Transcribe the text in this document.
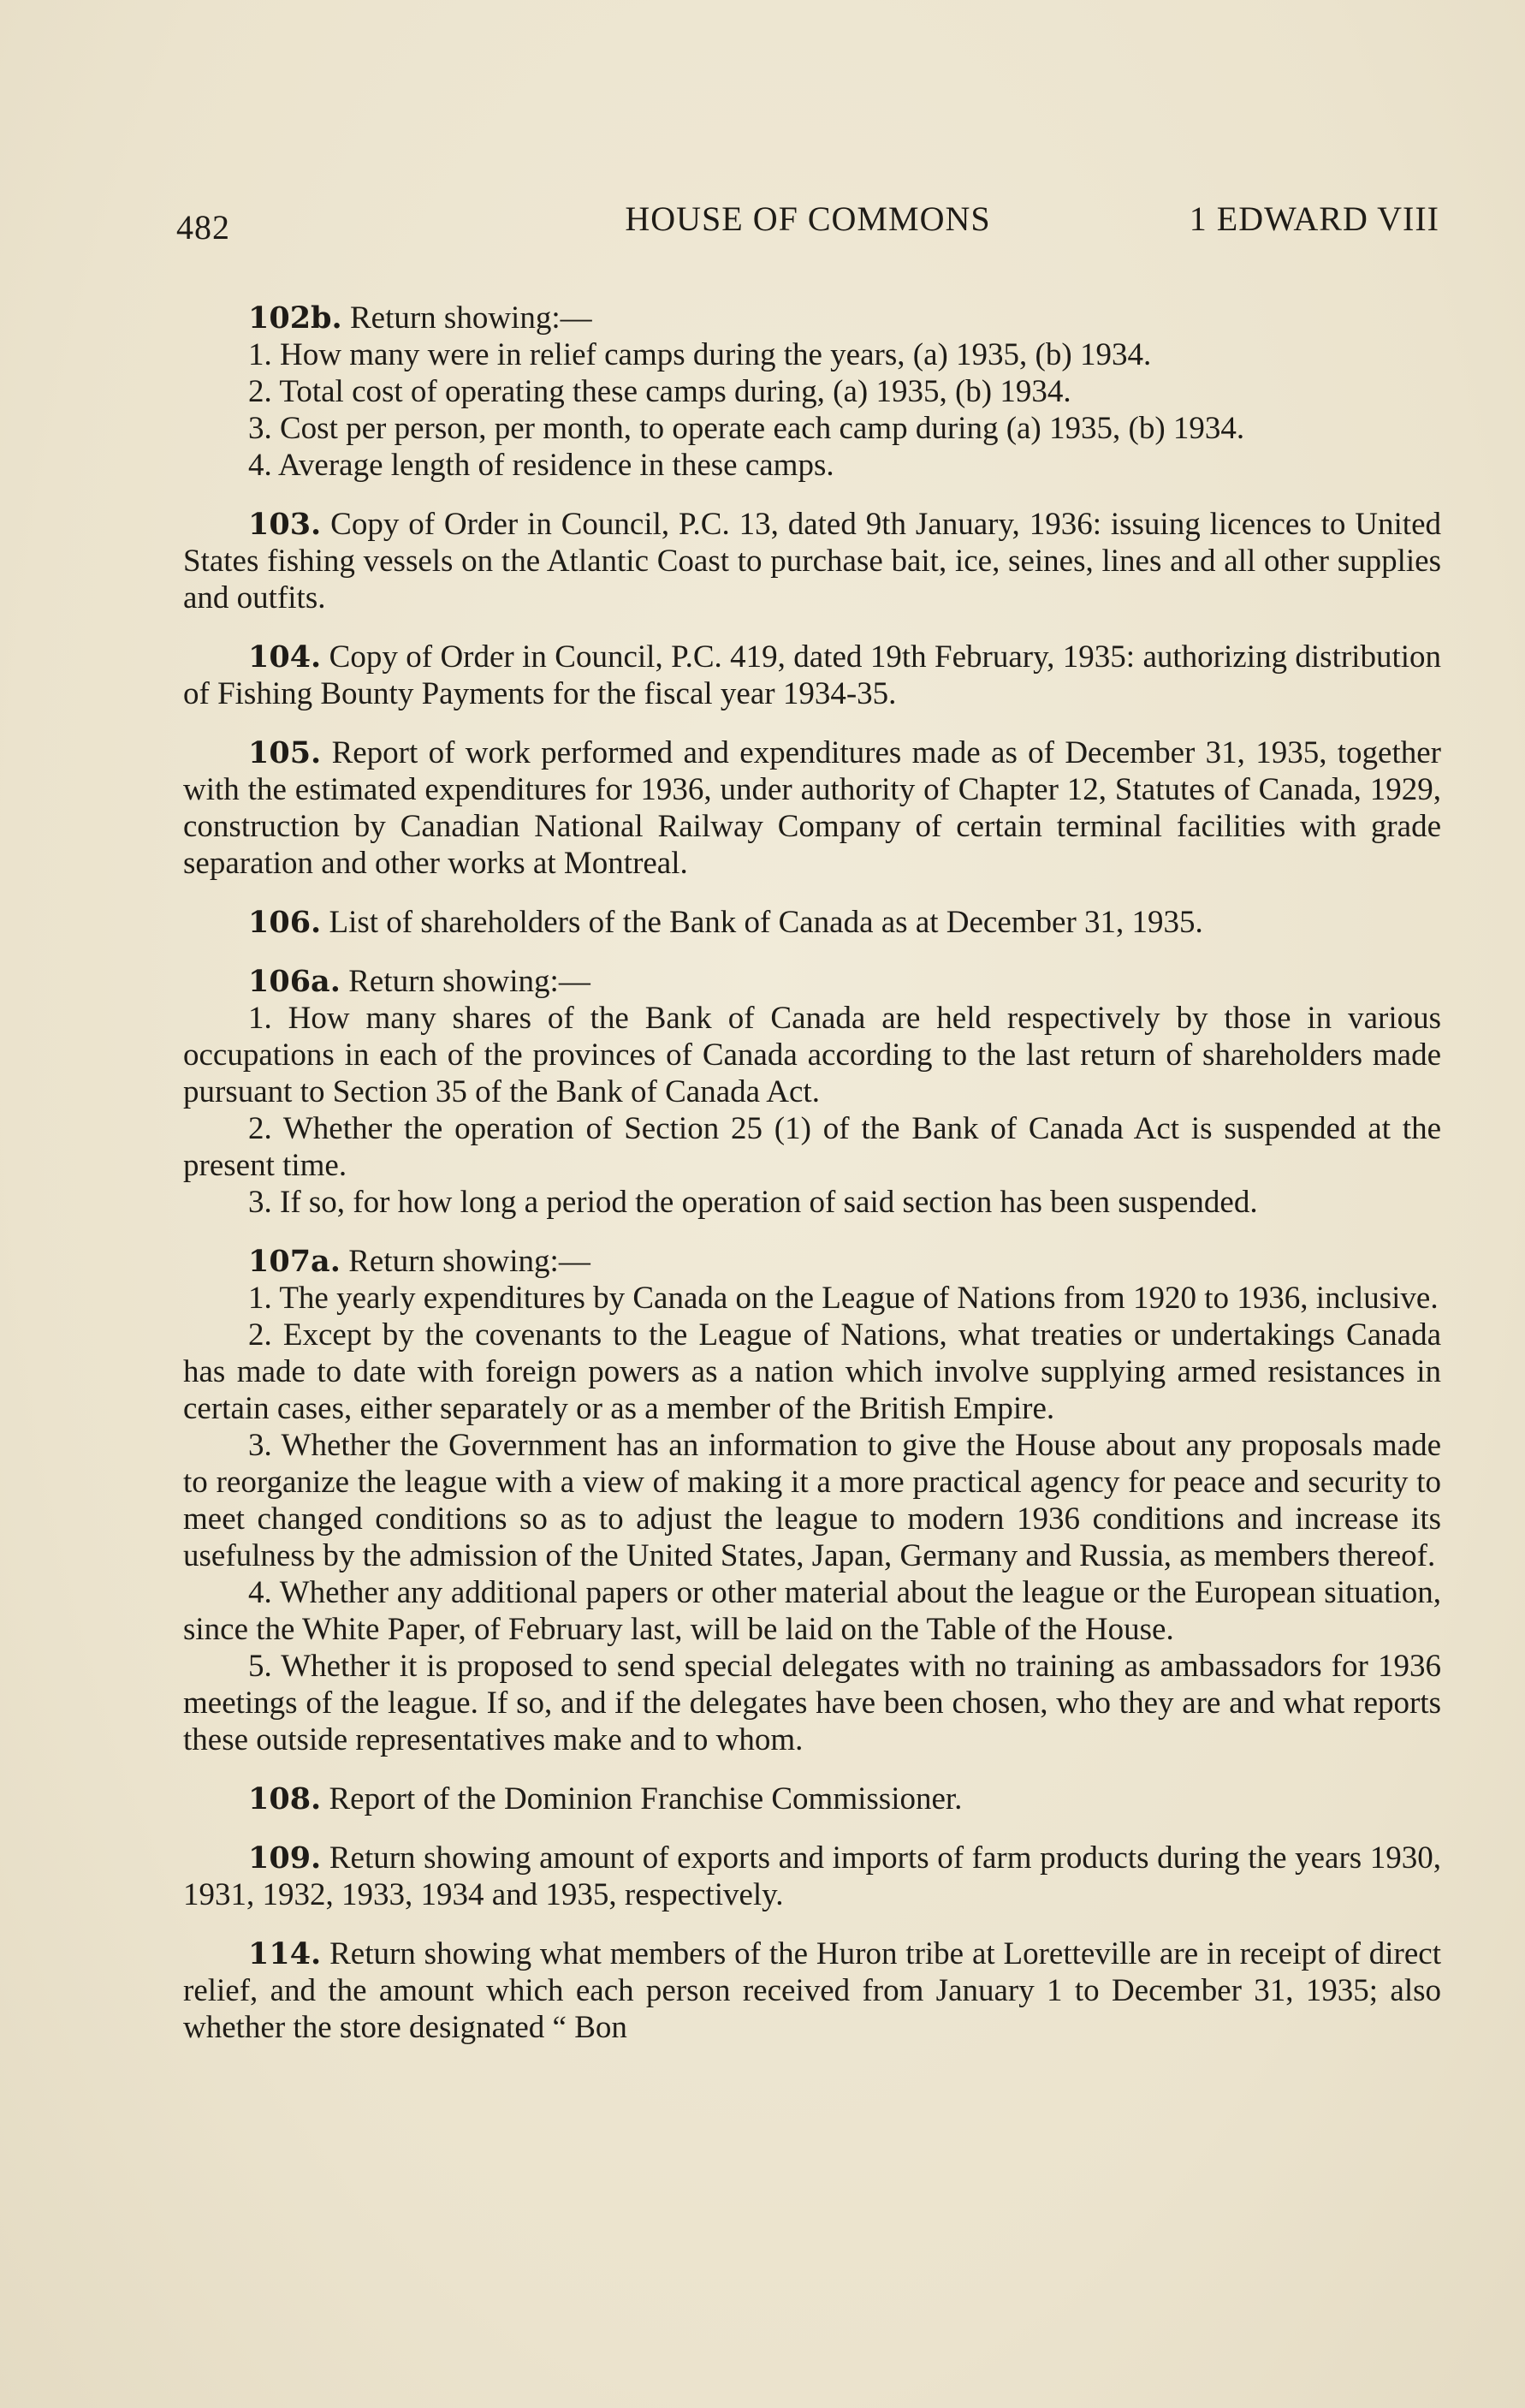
482	HOUSE OF COMMONS	1 EDWARD VIII

102b. Return showing:—

1. How many were in relief camps during the years, (a) 1935, (b) 1934.

2. Total cost of operating these camps during, (a) 1935, (b) 1934.

3. Cost per person, per month, to operate each camp during (a) 1935, (b) 1934.

4. Average length of residence in these camps.

103. Copy of Order in Council, P.C. 13, dated 9th January, 1936: issuing licences to United States fishing vessels on the Atlantic Coast to purchase bait, ice, seines, lines and all other supplies and outfits.

104. Copy of Order in Council, P.C. 419, dated 19th February, 1935: authorizing distribution of Fishing Bounty Payments for the fiscal year 1934-35.

105. Report of work performed and expenditures made as of December 31, 1935, together with the estimated expenditures for 1936, under authority of Chapter 12, Statutes of Canada, 1929, construction by Canadian National Railway Company of certain terminal facilities with grade separation and other works at Montreal.

106. List of shareholders of the Bank of Canada as at December 31, 1935.

106a. Return showing:—

1. How many shares of the Bank of Canada are held respectively by those in various occupations in each of the provinces of Canada according to the last return of shareholders made pursuant to Section 35 of the Bank of Canada Act.

2. Whether the operation of Section 25 (1) of the Bank of Canada Act is suspended at the present time.

3. If so, for how long a period the operation of said section has been suspended.

107a. Return showing:—

1. The yearly expenditures by Canada on the League of Nations from 1920 to 1936, inclusive.

2. Except by the covenants to the League of Nations, what treaties or undertakings Canada has made to date with foreign powers as a nation which involve supplying armed resistances in certain cases, either separately or as a member of the British Empire.

3. Whether the Government has an information to give the House about any proposals made to reorganize the league with a view of making it a more practical agency for peace and security to meet changed conditions so as to adjust the league to modern 1936 conditions and increase its usefulness by the admission of the United States, Japan, Germany and Russia, as members thereof.

4. Whether any additional papers or other material about the league or the European situation, since the White Paper, of February last, will be laid on the Table of the House.

5. Whether it is proposed to send special delegates with no training as ambassadors for 1936 meetings of the league. If so, and if the delegates have been chosen, who they are and what reports these outside representatives make and to whom.

108. Report of the Dominion Franchise Commissioner.

109. Return showing amount of exports and imports of farm products during the years 1930, 1931, 1932, 1933, 1934 and 1935, respectively.

114. Return showing what members of the Huron tribe at Loretteville are in receipt of direct relief, and the amount which each person received from January 1 to December 31, 1935; also whether the store designated “ Bon
